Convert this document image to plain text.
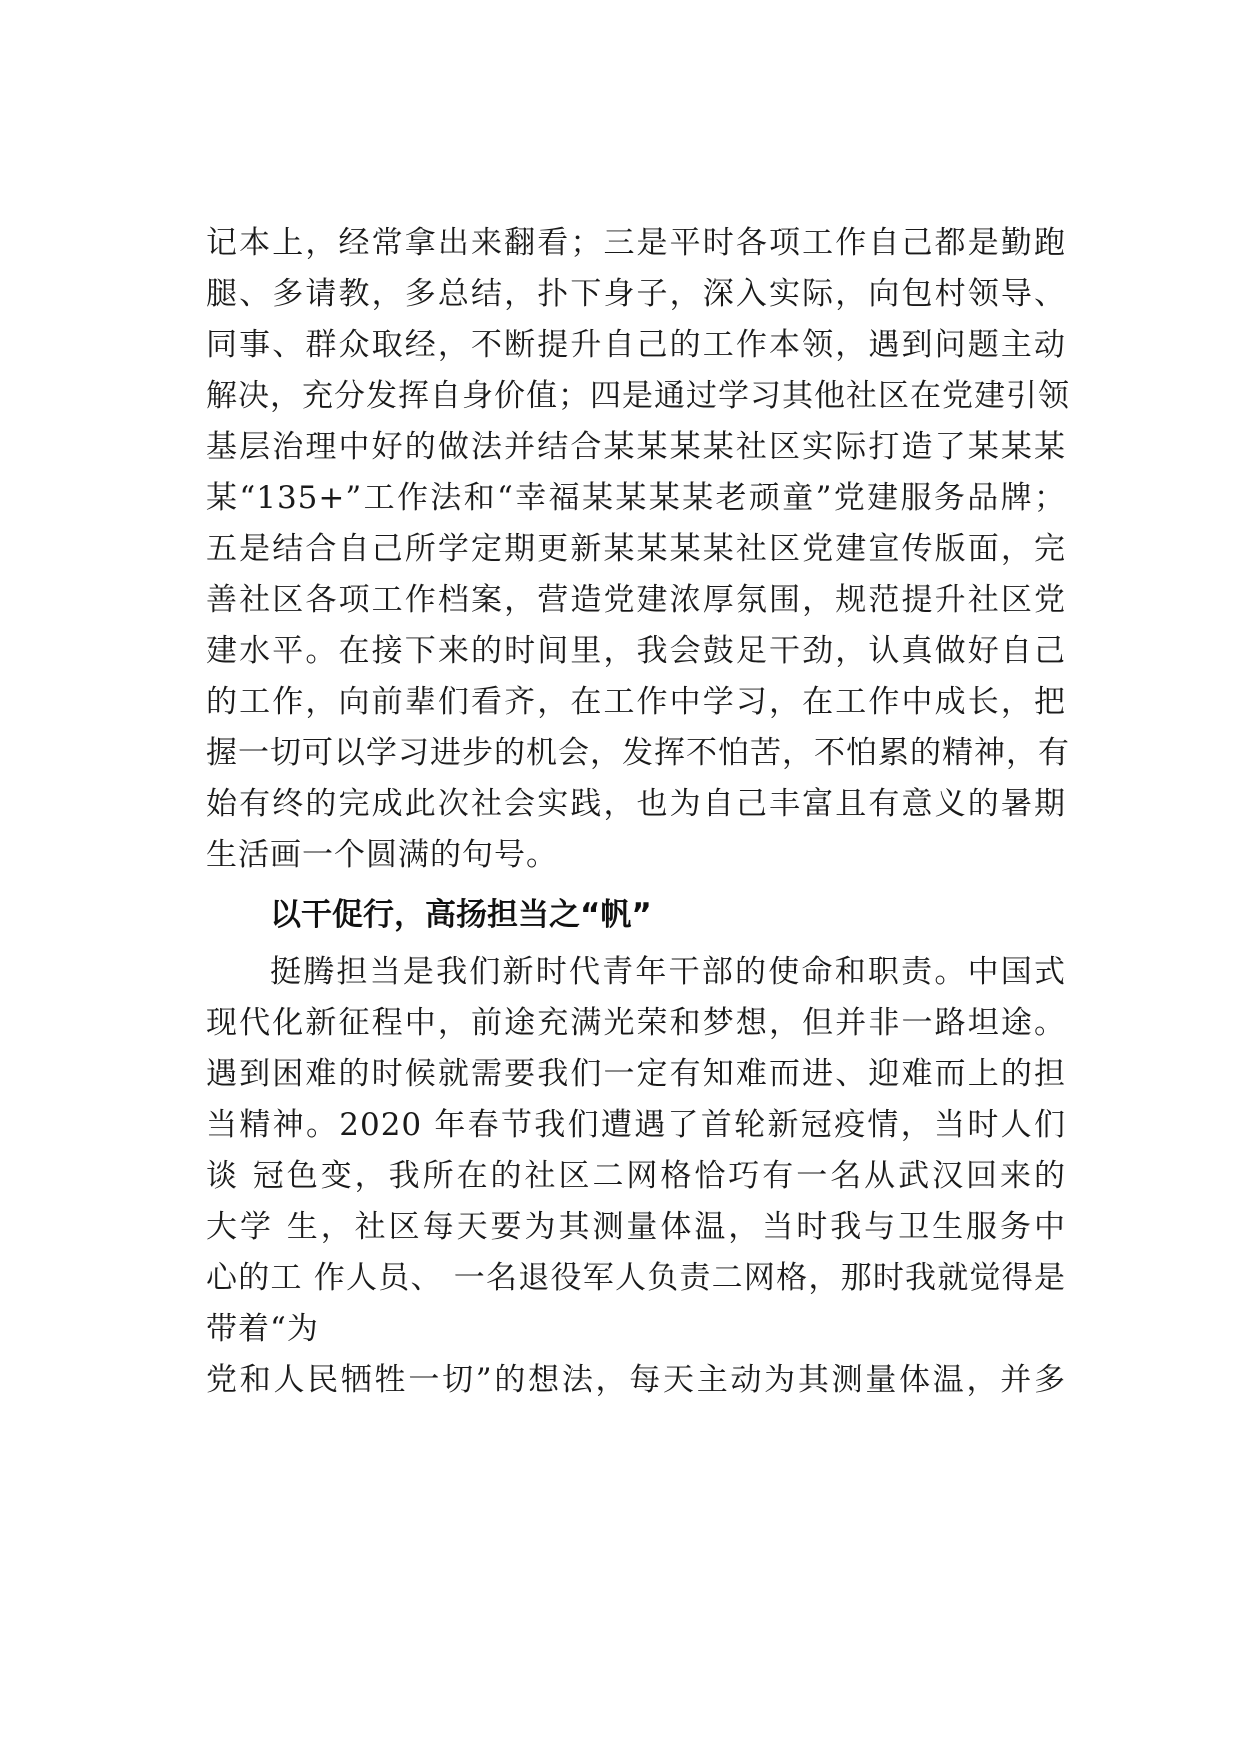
记本上，经常拿出来翻看；三是平时各项工作自己都是勤跑
腿、多请教，多总结，扑下身子，深入实际，向包村领导、
同事、群众取经，不断提升自己的工作本领，遇到问题主动
解决，充分发挥自身价值；四是通过学习其他社区在党建引领
基层治理中好的做法并结合某某某某社区实际打造了某某某
某“135+”工作法和“幸福某某某某老顽童”党建服务品牌；
五是结合自己所学定期更新某某某某社区党建宣传版面，完
善社区各项工作档案，营造党建浓厚氛围，规范提升社区党
建水平。在接下来的时间里，我会鼓足干劲，认真做好自己
的工作，向前辈们看齐，在工作中学习，在工作中成长，把
握一切可以学习进步的机会，发挥不怕苦，不怕累的精神，有
始有终的完成此次社会实践，也为自己丰富且有意义的暑期
生活画一个圆满的句号。
以干促行，高扬担当之“帆”
挺腾担当是我们新时代青年干部的使命和职责。中国式
现代化新征程中，前途充满光荣和梦想，但并非一路坦途。
遇到困难的时候就需要我们一定有知难而进、迎难而上的担
当精神。2020 年春节我们遭遇了首轮新冠疫情，当时人们
谈 冠色变，我所在的社区二网格恰巧有一名从武汉回来的
大学 生，社区每天要为其测量体温，当时我与卫生服务中
心的工 作人员、 一名退役军人负责二网格，那时我就觉得是
带着“为
党和人民牺牲一切”的想法，每天主动为其测量体温，并多
